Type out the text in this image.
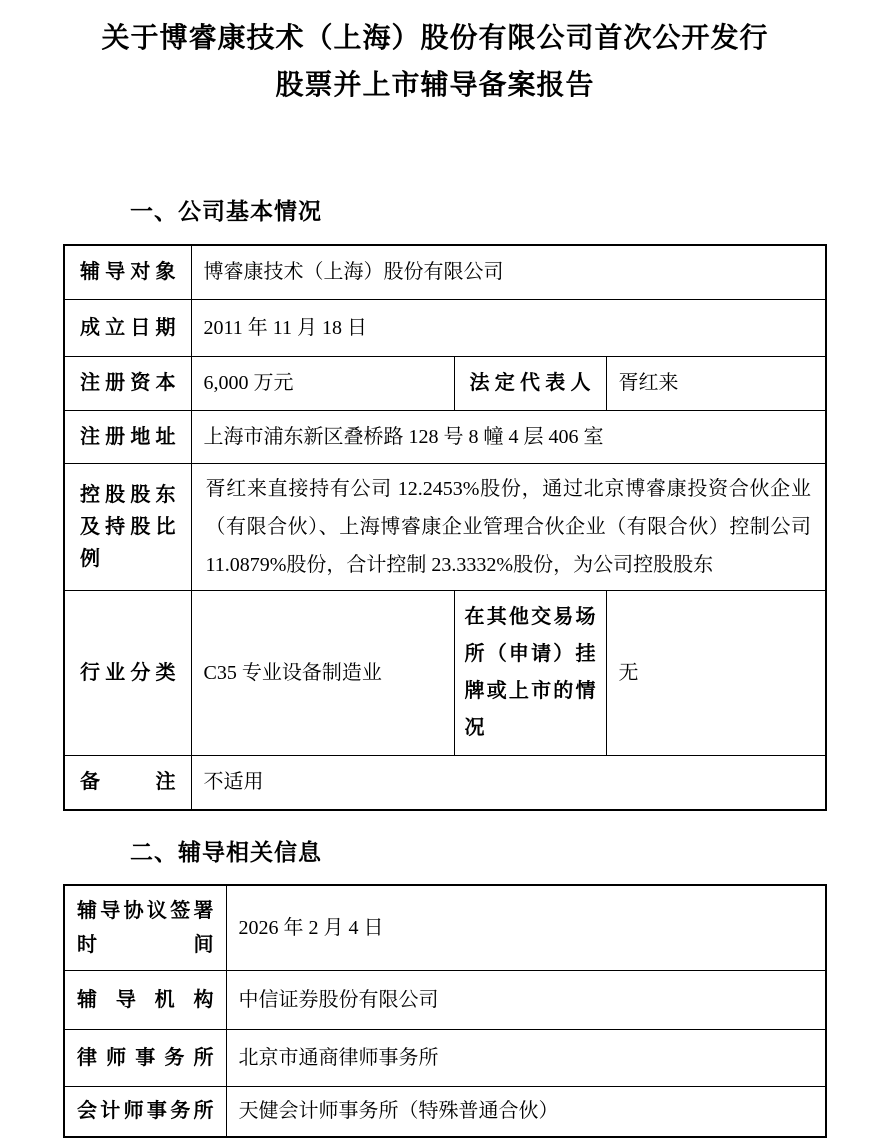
关于博睿康技术（上海）股份有限公司首次公开发行
股票并上市辅导备案报告
一、公司基本情况
辅导对象	博睿康技术（上海）股份有限公司		
成立日期	2011 年 11 月 18 日		
注册资本	6,000 万元	法定代表人	胥红来
注册地址	上海市浦东新区叠桥路 128 号 8 幢 4 层 406 室		
控股股东及持股比例	胥红来直接持有公司 12.2453%股份，通过北京博睿康投资合伙企业（有限合伙）、上海博睿康企业管理合伙企业（有限合伙）控制公司 11.0879%股份，合计控制 23.3332%股份，为公司控股股东		
行业分类	C35 专业设备制造业	在其他交易场所（申请）挂牌或上市的情况	无
备注	不适用		
二、辅导相关信息
辅导协议签署时间	2026 年 2 月 4 日
辅导机构	中信证券股份有限公司
律师事务所	北京市通商律师事务所
会计师事务所	天健会计师事务所（特殊普通合伙）
